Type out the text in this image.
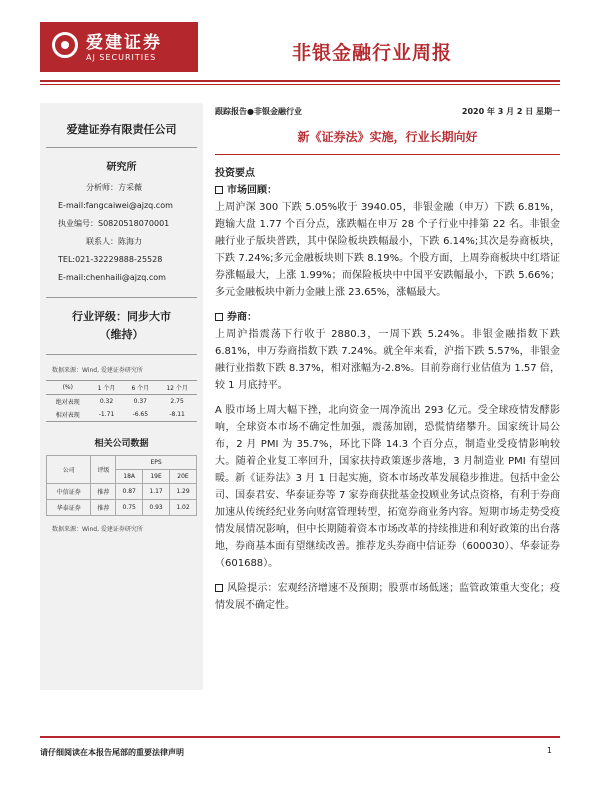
爱建证券
AJ SECURITIES	非银金融行业周报
爱建证券有限责任公司
研究所
分析师：方采薇
E-mail:fangcaiwei@ajzq.com
执业编号：S0820518070001
联系人：陈海力
TEL:021-32229888-25528
E-mail:chenhaili@ajzq.com
行业评级：同步大市
（维持）
数据来源：Wind, 爱建证券研究所
(%)	1 个月	6 个月	12 个月
绝对表现	0.32	0.37	2.75
相对表现	-1.71	-6.65	-8.11
相关公司数据
公司	评级	EPS		
		18A	19E	20E
中信证券	推荐	0.87	1.17	1.29
华泰证券	推荐	0.75	0.93	1.02
数据来源：Wind, 爱建证券研究所
跟踪报告●非银金融行业	2020 年 3 月 2 日 星期一
新《证券法》实施，行业长期向好
投资要点
市场回顾：

上周沪深 300 下跌 5.05%收于 3940.05，非银金融（申万）下跌 6.81%，跑输大盘 1.77 个百分点，涨跌幅在申万 28 个子行业中排第 22 名。非银金融行业子版块普跌，其中保险板块跌幅最小，下跌 6.14%;其次是券商板块，下跌 7.24%;多元金融板块则下跌 8.19%。个股方面，上周券商板块中红塔证券涨幅最大，上涨 1.99%；而保险板块中中国平安跌幅最小，下跌 5.66%；多元金融板块中新力金融上涨 23.65%，涨幅最大。

券商：

上周沪指震荡下行收于 2880.3，一周下跌 5.24%。非银金融指数下跌 6.81%，申万券商指数下跌 7.24%。就全年来看，沪指下跌 5.57%，非银金融行业指数下跌 8.37%，相对涨幅为-2.8%。目前券商行业估值为 1.57 倍，较 1 月底持平。

A 股市场上周大幅下挫，北向资金一周净流出 293 亿元。受全球疫情发酵影响，全球资本市场不确定性加强，震荡加剧，恐慌情绪攀升。国家统计局公布，2 月 PMI 为 35.7%，环比下降 14.3 个百分点，制造业受疫情影响较大。随着企业复工率回升，国家扶持政策逐步落地，3 月制造业 PMI 有望回暖。新《证券法》3 月 1 日起实施，资本市场改革发展稳步推进。包括中金公司、国泰君安、华泰证券等 7 家券商获批基金投顾业务试点资格，有利于券商加速从传统经纪业务向财富管理转型，拓宽券商业务内容。短期市场走势受疫情发展情况影响，但中长期随着资本市场改革的持续推进和利好政策的出台落地，券商基本面有望继续改善。推荐龙头券商中信证券（600030）、华泰证券（601688）。

风险提示：宏观经济增速不及预期；股票市场低迷；监管政策重大变化；疫情发展不确定性。

请仔细阅读在本报告尾部的重要法律声明	1
